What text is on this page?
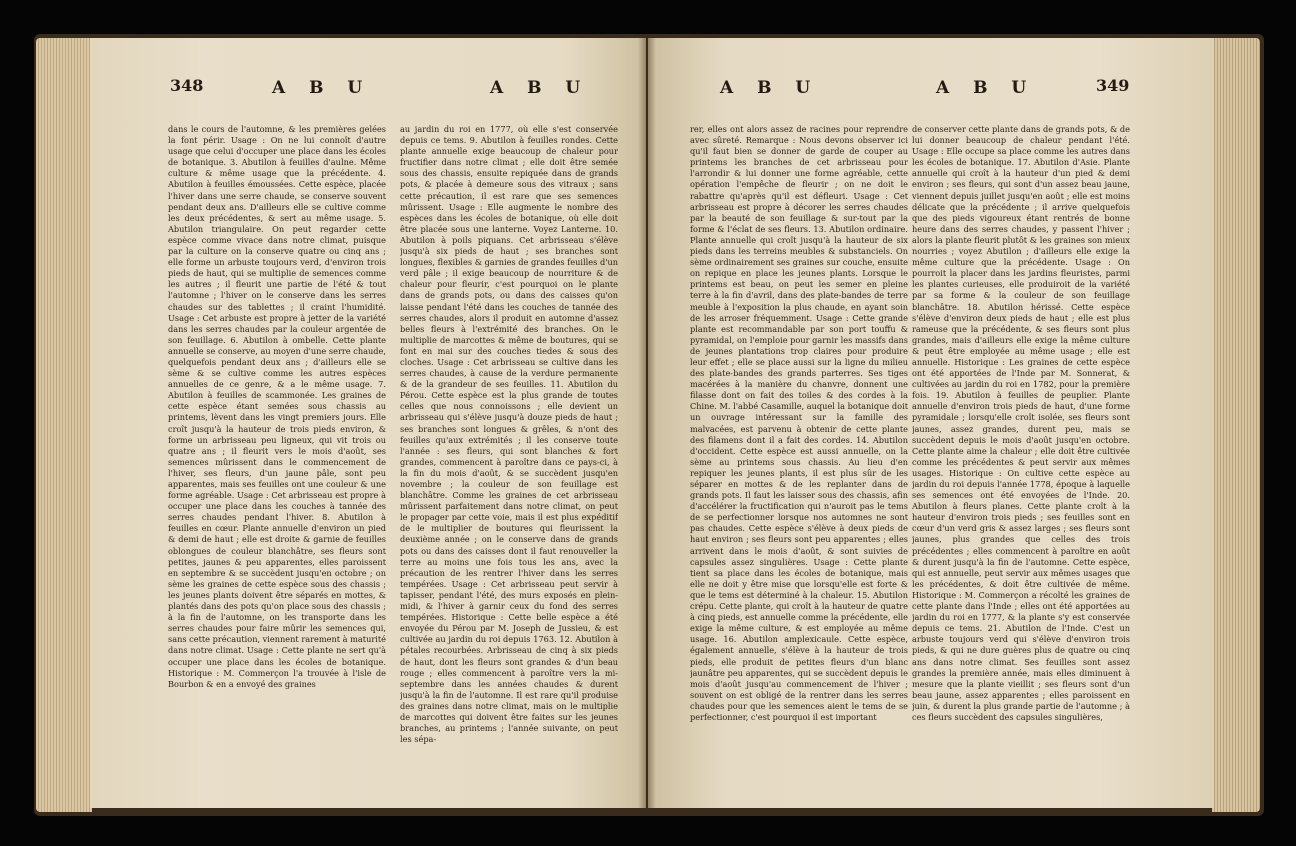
348	A B U	A B U

dans le cours de l'automne, & les premières gelées la font périr. Usage : On ne lui connoît d'autre usage que celui d'occuper une place dans les écoles de botanique. 3. Abutilon à feuilles d'aulne. Même culture & même usage que la précédente. 4. Abutilon à feuilles émoussées. Cette espèce, placée l'hiver dans une serre chaude, se conserve souvent pendant deux ans. D'ailleurs elle se cultive comme les deux précédentes, & sert au même usage. 5. Abutilon triangulaire. On peut regarder cette espèce comme vivace dans notre climat, puisque par la culture on la conserve quatre ou cinq ans ; elle forme un arbuste toujours verd, d'environ trois pieds de haut, qui se multiplie de semences comme les autres ; il fleurit une partie de l'été & tout l'automne ; l'hiver on le conserve dans les serres chaudes sur des tablettes ; il craint l'humidité. Usage : Cet arbuste est propre à jetter de la variété dans les serres chaudes par la couleur argentée de son feuillage. 6. Abutilon à ombelle. Cette plante annuelle se conserve, au moyen d'une serre chaude, quelquefois pendant deux ans ; d'ailleurs elle se sème & se cultive comme les autres espèces annuelles de ce genre, & a le même usage. 7. Abutilon à feuilles de scammonée. Les graines de cette espèce étant semées sous chassis au printems, lèvent dans les vingt premiers jours. Elle croît jusqu'à la hauteur de trois pieds environ, & forme un arbrisseau peu ligneux, qui vit trois ou quatre ans ; il fleurit vers le mois d'août, ses semences mûrissent dans le commencement de l'hiver, ses fleurs, d'un jaune pâle, sont peu apparentes, mais ses feuilles ont une couleur & une forme agréable. Usage : Cet arbrisseau est propre à occuper une place dans les couches à tannée des serres chaudes pendant l'hiver. 8. Abutilon à feuilles en cœur. Plante annuelle d'environ un pied & demi de haut ; elle est droite & garnie de feuilles oblongues de couleur blanchâtre, ses fleurs sont petites, jaunes & peu apparentes, elles paroissent en septembre & se succèdent jusqu'en octobre ; on sème les graines de cette espèce sous des chassis ; les jeunes plants doivent être séparés en mottes, & plantés dans des pots qu'on place sous des chassis ; à la fin de l'automne, on les transporte dans les serres chaudes pour faire mûrir les semences qui, sans cette précaution, viennent rarement à maturité dans notre climat. Usage : Cette plante ne sert qu'à occuper une place dans les écoles de botanique. Historique : M. Commerçon l'a trouvée à l'isle de Bourbon & en a envoyé des graines

au jardin du roi en 1777, où elle s'est conservée depuis ce tems. 9. Abutilon à feuilles rondes. Cette plante annuelle exige beaucoup de chaleur pour fructifier dans notre climat ; elle doit être semée sous des chassis, ensuite repiquée dans de grands pots, & placée à demeure sous des vitraux ; sans cette précaution, il est rare que ses semences mûrissent. Usage : Elle augmente le nombre des espèces dans les écoles de botanique, où elle doit être placée sous une lanterne. Voyez Lanterne. 10. Abutilon à poils piquans. Cet arbrisseau s'élève jusqu'à six pieds de haut ; ses branches sont longues, flexibles & garnies de grandes feuilles d'un verd pâle ; il exige beaucoup de nourriture & de chaleur pour fleurir, c'est pourquoi on le plante dans de grands pots, ou dans des caisses qu'on laisse pendant l'été dans les couches de tannée des serres chaudes, alors il produit en automne d'assez belles fleurs à l'extrémité des branches. On le multiplie de marcottes & même de boutures, qui se font en mai sur des couches tiedes & sous des cloches. Usage : Cet arbrisseau se cultive dans les serres chaudes, à cause de la verdure permanente & de la grandeur de ses feuilles. 11. Abutilon du Pérou. Cette espèce est la plus grande de toutes celles que nous connoissons ; elle devient un arbrisseau qui s'élève jusqu'à douze pieds de haut ; ses branches sont longues & grêles, & n'ont des feuilles qu'aux extrémités ; il les conserve toute l'année : ses fleurs, qui sont blanches & fort grandes, commencent à paroître dans ce pays-ci, à la fin du mois d'août, & se succèdent jusqu'en novembre ; la couleur de son feuillage est blanchâtre. Comme les graines de cet arbrisseau mûrissent parfaitement dans notre climat, on peut le propager par cette voie, mais il est plus expéditif de le multiplier de boutures qui fleurissent la deuxième année ; on le conserve dans de grands pots ou dans des caisses dont il faut renouveller la terre au moins une fois tous les ans, avec la précaution de les rentrer l'hiver dans les serres tempérées. Usage : Cet arbrisseau peut servir à tapisser, pendant l'été, des murs exposés en plein-midi, & l'hiver à garnir ceux du fond des serres tempérées. Historique : Cette belle espèce a été envoyée du Pérou par M. Joseph de Jussieu, & est cultivée au jardin du roi depuis 1763. 12. Abutilon à pétales recourbées. Arbrisseau de cinq à six pieds de haut, dont les fleurs sont grandes & d'un beau rouge ; elles commencent à paroître vers la mi-septembre dans les années chaudes & durent jusqu'à la fin de l'automne. Il est rare qu'il produise des graines dans notre climat, mais on le multiplie de marcottes qui doivent être faites sur les jeunes branches, au printems ; l'année suivante, on peut les sépa-

A B U	A B U	349

rer, elles ont alors assez de racines pour reprendre avec sûreté. Remarque : Nous devons observer ici qu'il faut bien se donner de garde de couper au printems les branches de cet arbrisseau pour l'arrondir & lui donner une forme agréable, cette opération l'empêche de fleurir ; on ne doit le rabattre qu'après qu'il est défleuri. Usage : Cet arbrisseau est propre à décorer les serres chaudes par la beauté de son feuillage & sur-tout par la forme & l'éclat de ses fleurs. 13. Abutilon ordinaire. Plante annuelle qui croît jusqu'à la hauteur de six pieds dans les terreins meubles & substanciels. On sème ordinairement ses graines sur couche, ensuite on repique en place les jeunes plants. Lorsque le printems est beau, on peut les semer en pleine terre à la fin d'avril, dans des plate-bandes de terre meuble à l'exposition la plus chaude, en ayant soin de les arroser fréquemment. Usage : Cette grande plante est recommandable par son port touffu & pyramidal, on l'emploie pour garnir les massifs dans de jeunes plantations trop claires pour produire leur effet ; elle se place aussi sur la ligne du milieu des plate-bandes des grands parterres. Ses tiges macérées à la manière du chanvre, donnent une filasse dont on fait des toiles & des cordes à la Chine. M. l'abbé Casamille, auquel la botanique doit un ouvrage intéressant sur la famille des malvacées, est parvenu à obtenir de cette plante des filamens dont il a fait des cordes. 14. Abutilon d'occident. Cette espèce est aussi annuelle, on la sème au printems sous chassis. Au lieu d'en repiquer les jeunes plants, il est plus sûr de les séparer en mottes & de les replanter dans de grands pots. Il faut les laisser sous des chassis, afin d'accélérer la fructification qui n'auroit pas le tems de se perfectionner lorsque nos automnes ne sont pas chaudes. Cette espèce s'élève à deux pieds de haut environ ; ses fleurs sont peu apparentes ; elles arrivent dans le mois d'août, & sont suivies de capsules assez singulières. Usage : Cette plante tient sa place dans les écoles de botanique, mais elle ne doit y être mise que lorsqu'elle est forte & que le tems est déterminé à la chaleur. 15. Abutilon crépu. Cette plante, qui croît à la hauteur de quatre à cinq pieds, est annuelle comme la précédente, elle exige la même culture, & est employée au même usage. 16. Abutilon amplexicaule. Cette espèce, également annuelle, s'élève à la hauteur de trois pieds, elle produit de petites fleurs d'un blanc jaunâtre peu apparentes, qui se succèdent depuis le mois d'août jusqu'au commencement de l'hiver ; souvent on est obligé de la rentrer dans les serres chaudes pour que les semences aient le tems de se perfectionner, c'est pourquoi il est important

de conserver cette plante dans de grands pots, & de lui donner beaucoup de chaleur pendant l'été. Usage : Elle occupe sa place comme les autres dans les écoles de botanique. 17. Abutilon d'Asie. Plante annuelle qui croît à la hauteur d'un pied & demi environ ; ses fleurs, qui sont d'un assez beau jaune, viennent depuis juillet jusqu'en août ; elle est moins délicate que la précédente ; il arrive quelquefois que des pieds vigoureux étant rentrés de bonne heure dans des serres chaudes, y passent l'hiver ; alors la plante fleurit plutôt & les graines son mieux nourries ; voyez Abutilon ; d'ailleurs elle exige la même culture que la précédente. Usage : On pourroit la placer dans les jardins fleuristes, parmi les plantes curieuses, elle produiroit de la variété par sa forme & la couleur de son feuillage blanchâtre. 18. Abutilon hérissé. Cette espèce s'élève d'environ deux pieds de haut ; elle est plus rameuse que la précédente, & ses fleurs sont plus grandes, mais d'ailleurs elle exige la même culture & peut être employée au même usage ; elle est annuelle. Historique : Les graines de cette espèce ont été apportées de l'Inde par M. Sonnerat, & cultivées au jardin du roi en 1782, pour la première fois. 19. Abutilon à feuilles de peuplier. Plante annuelle d'environ trois pieds de haut, d'une forme pyramidale ; lorsqu'elle croît isolée, ses fleurs sont jaunes, assez grandes, durent peu, mais se succèdent depuis le mois d'août jusqu'en octobre. Cette plante aime la chaleur ; elle doit être cultivée comme les précédentes & peut servir aux mêmes usages. Historique : On cultive cette espèce au jardin du roi depuis l'année 1778, époque à laquelle ses semences ont été envoyées de l'Inde. 20. Abutilon à fleurs planes. Cette plante croît à la hauteur d'environ trois pieds ; ses feuilles sont en cœur d'un verd gris & assez larges ; ses fleurs sont jaunes, plus grandes que celles des trois précédentes ; elles commencent à paroître en août & durent jusqu'à la fin de l'automne. Cette espèce, qui est annuelle, peut servir aux mêmes usages que les précédentes, & doit être cultivée de même. Historique : M. Commerçon a récolté les graines de cette plante dans l'Inde ; elles ont été apportées au jardin du roi en 1777, & la plante s'y est conservée depuis ce tems. 21. Abutilon de l'Inde. C'est un arbuste toujours verd qui s'élève d'environ trois pieds, & qui ne dure guères plus de quatre ou cinq ans dans notre climat. Ses feuilles sont assez grandes la première année, mais elles diminuent à mesure que la plante vieillit ; ses fleurs sont d'un beau jaune, assez apparentes ; elles paroissent en juin, & durent la plus grande partie de l'automne ; à ces fleurs succèdent des capsules singulières,
